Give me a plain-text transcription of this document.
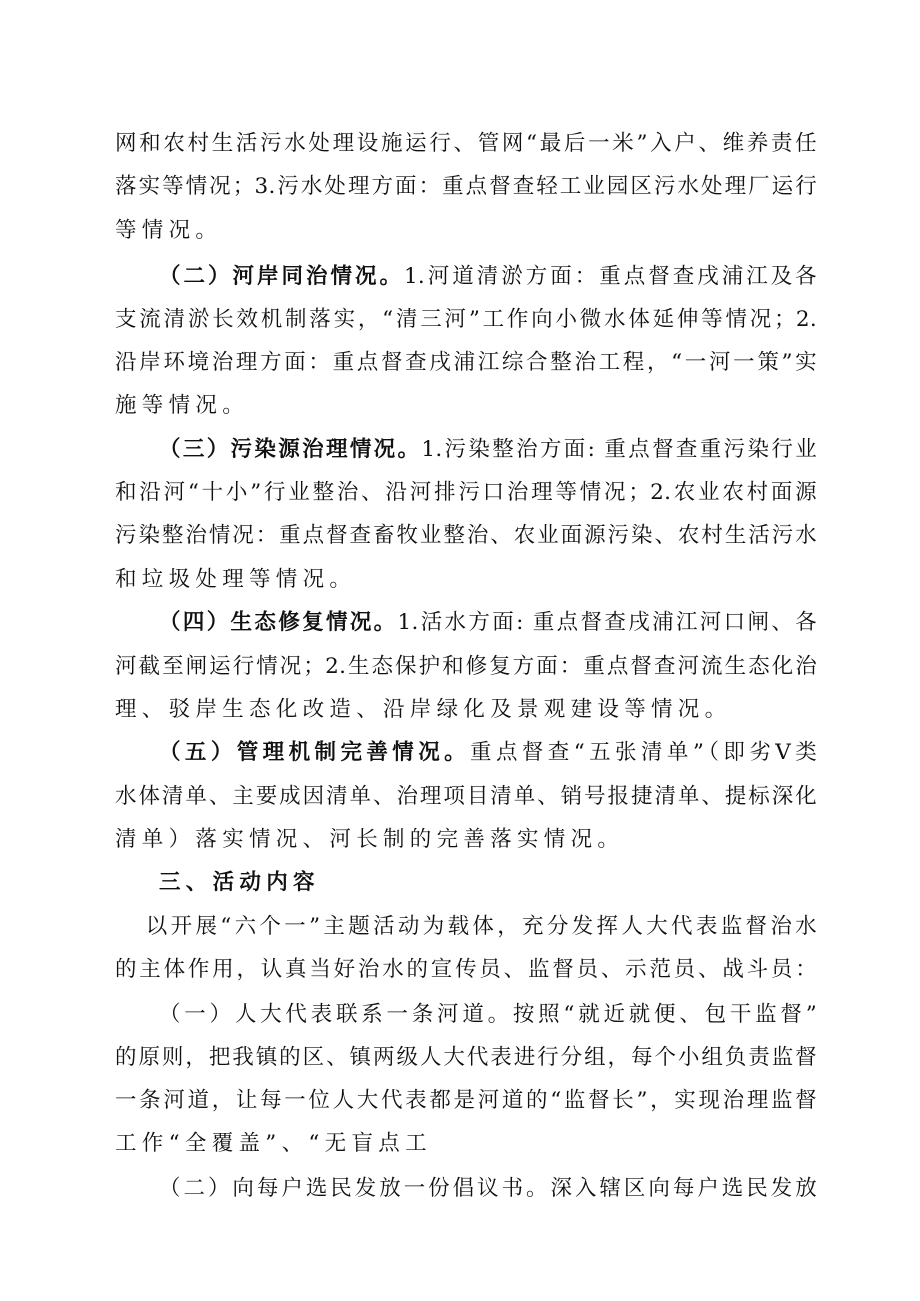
网和农村生活污水处理设施运行、管网“最后一米”入户、维养责任
落实等情况；3.污水处理方面：重点督查轻工业园区污水处理厂运行
等情况。
（二）河岸同治情况。1.河道清淤方面：重点督查戌浦江及各
支流清淤长效机制落实，“清三河”工作向小微水体延伸等情况；2.
沿岸环境治理方面：重点督查戌浦江综合整治工程，“一河一策”实
施等情况。
（三）污染源治理情况。1.污染整治方面: 重点督查重污染行业
和沿河“十小”行业整治、沿河排污口治理等情况；2.农业农村面源
污染整治情况：重点督查畜牧业整治、农业面源污染、农村生活污水
和垃圾处理等情况。
（四）生态修复情况。1.活水方面: 重点督查戌浦江河口闸、各
河截至闸运行情况；2.生态保护和修复方面：重点督查河流生态化治
理、驳岸生态化改造、沿岸绿化及景观建设等情况。
（五）管理机制完善情况。重点督查“五张清单”（即劣V类
水体清单、主要成因清单、治理项目清单、销号报捷清单、提标深化
清单）落实情况、河长制的完善落实情况。
三、活动内容
以开展“六个一”主题活动为载体，充分发挥人大代表监督治水
的主体作用，认真当好治水的宣传员、监督员、示范员、战斗员：
（一）人大代表联系一条河道。按照“就近就便、包干监督”
的原则，把我镇的区、镇两级人大代表进行分组，每个小组负责监督
一条河道，让每一位人大代表都是河道的“监督长”，实现治理监督
工作“全覆盖”、“无盲点工
（二）向每户选民发放一份倡议书。深入辖区向每户选民发放
